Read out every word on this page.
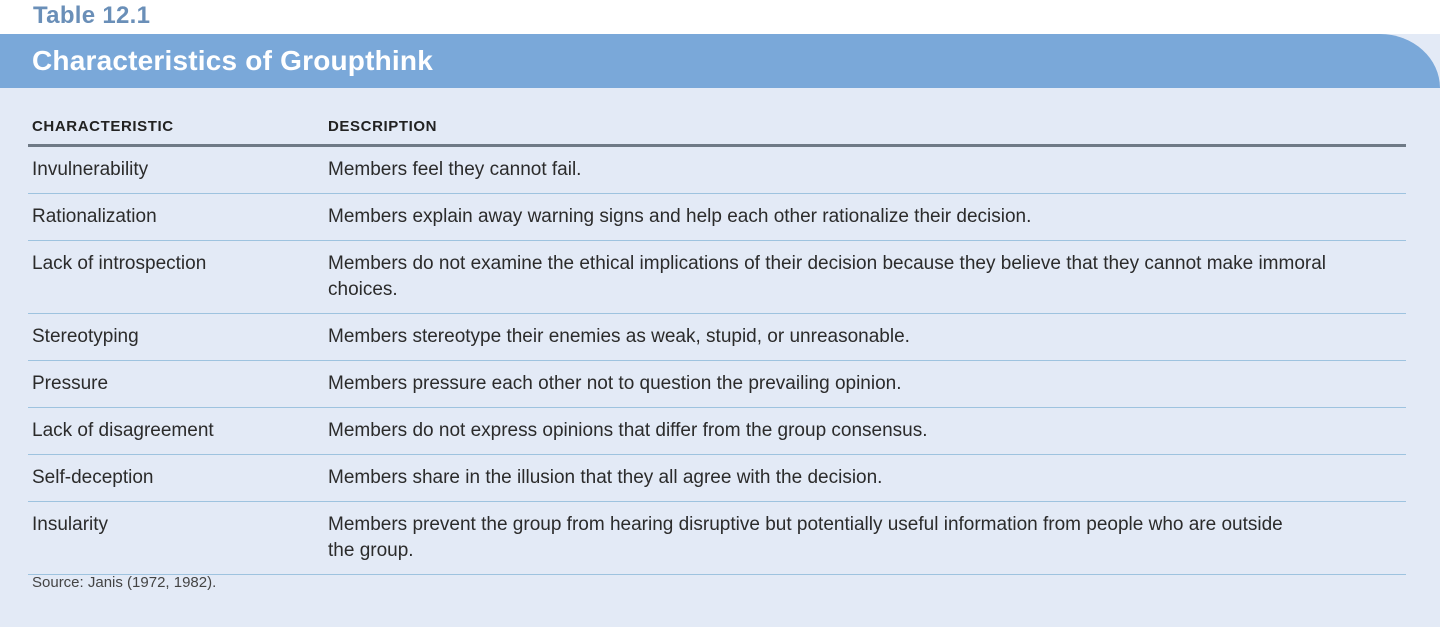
Table 12.1
Characteristics of Groupthink
CHARACTERISTIC	DESCRIPTION
Invulnerability	Members feel they cannot fail.
Rationalization	Members explain away warning signs and help each other rationalize their decision.
Lack of introspection	Members do not examine the ethical implications of their decision because they believe that they cannot make immoral choices.
Stereotyping	Members stereotype their enemies as weak, stupid, or unreasonable.
Pressure	Members pressure each other not to question the prevailing opinion.
Lack of disagreement	Members do not express opinions that differ from the group consensus.
Self-deception	Members share in the illusion that they all agree with the decision.
Insularity	Members prevent the group from hearing disruptive but potentially useful information from people who are outside the group.
Source: Janis (1972, 1982).
